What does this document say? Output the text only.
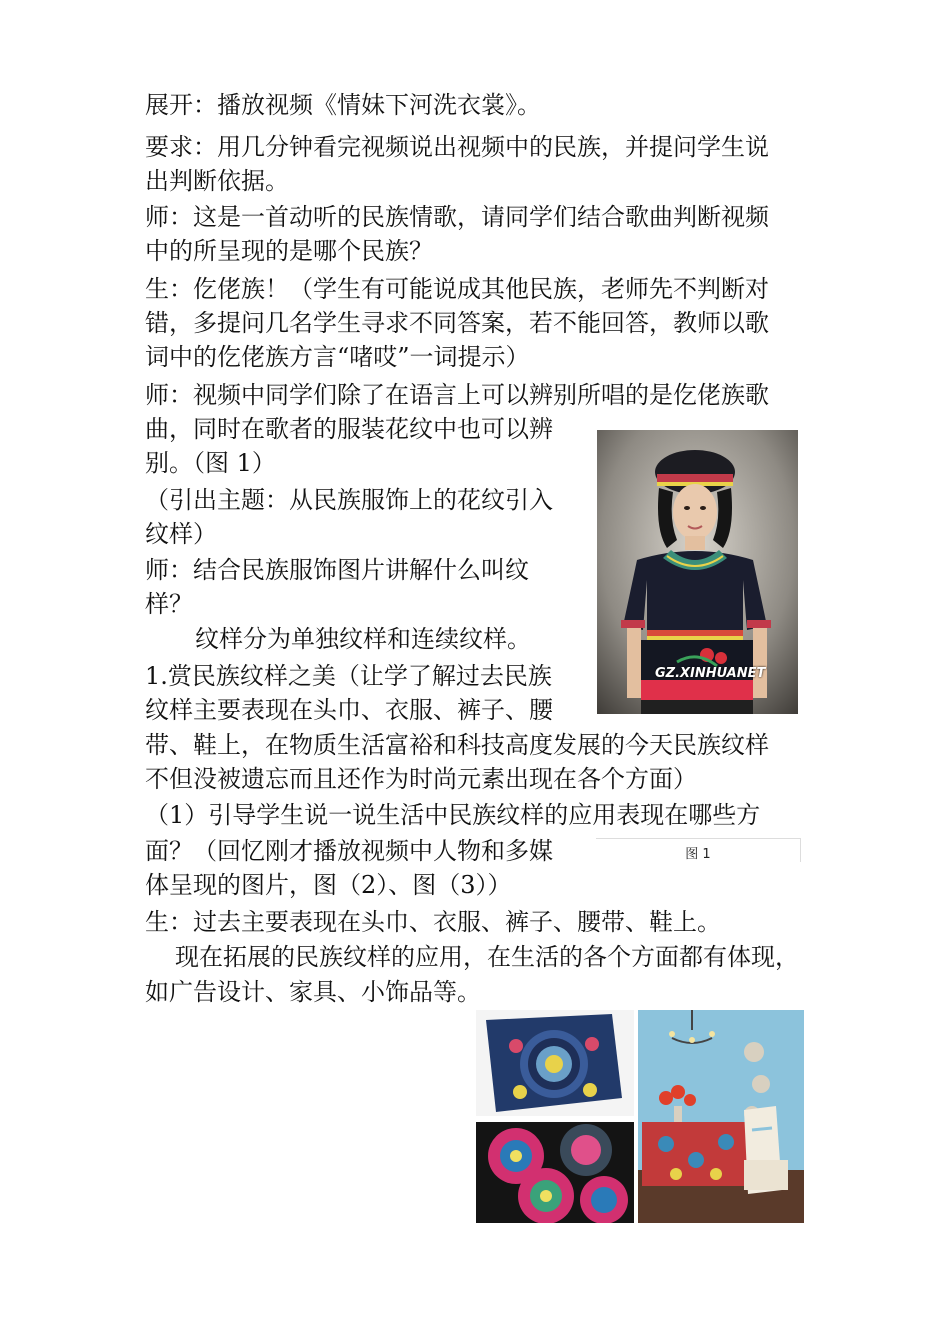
展开：播放视频《情妹下河洗衣裳》。

要求：用几分钟看完视频说出视频中的民族，并提问学生说

出判断依据。

师：这是一首动听的民族情歌，请同学们结合歌曲判断视频

中的所呈现的是哪个民族？

生：仡佬族！（学生有可能说成其他民族，老师先不判断对

错，多提问几名学生寻求不同答案，若不能回答，教师以歌

词中的仡佬族方言“啫哎”一词提示）

师：视频中同学们除了在语言上可以辨别所唱的是仡佬族歌

曲，同时在歌者的服装花纹中也可以辨

别。（图 1）

（引出主题：从民族服饰上的花纹引入

纹样）

师：结合民族服饰图片讲解什么叫纹

样？

纹样分为单独纹样和连续纹样。

1.赏民族纹样之美（让学了解过去民族

纹样主要表现在头巾、衣服、裤子、腰

带、鞋上，在物质生活富裕和科技高度发展的今天民族纹样

不但没被遗忘而且还作为时尚元素出现在各个方面）

（1）引导学生说一说生活中民族纹样的应用表现在哪些方

面？（回忆刚才播放视频中人物和多媒

体呈现的图片，图（2）、图（3））

生：过去主要表现在头巾、衣服、裤子、腰带、鞋上。

现在拓展的民族纹样的应用，在生活的各个方面都有体现，

如广告设计、家具、小饰品等。

GZ.XINHUANET
图 1
